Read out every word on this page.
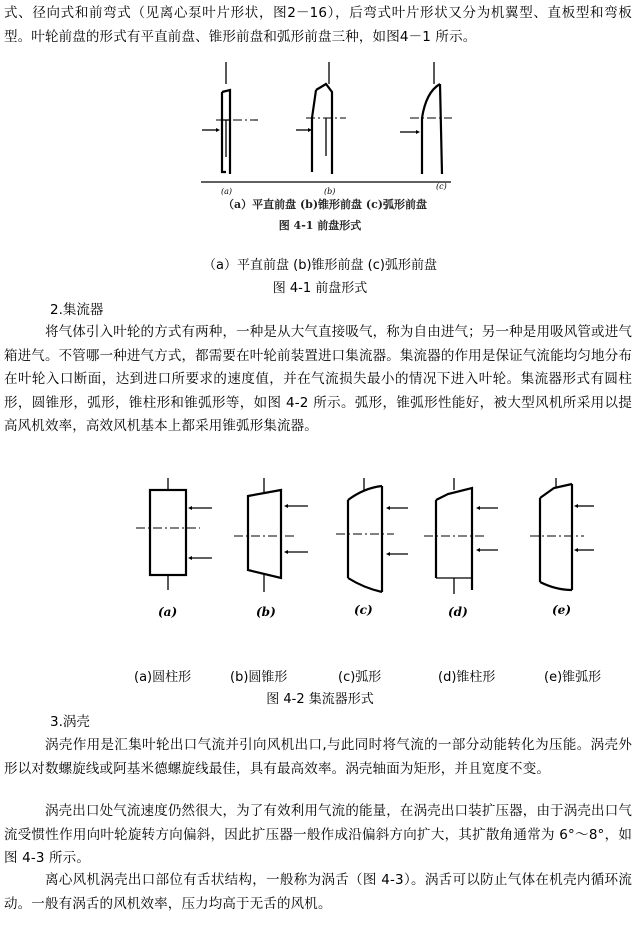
式、径向式和前弯式（见离心泵叶片形状，图2－16），后弯式叶片形状又分为机翼型、直板型和弯板型。叶轮前盘的形式有平直前盘、锥形前盘和弧形前盘三种，如图4－1 所示。

(a)	(b)
(c)

（a）平直前盘 (b)锥形前盘 (c)弧形前盘

图 4-1 前盘形式

（a）平直前盘 (b)锥形前盘 (c)弧形前盘

图 4-1 前盘形式

2.集流器

将气体引入叶轮的方式有两种，一种是从大气直接吸气，称为自由进气；另一种是用吸风管或进气箱进气。不管哪一种进气方式，都需要在叶轮前装置进口集流器。集流器的作用是保证气流能均匀地分布在叶轮入口断面，达到进口所要求的速度值，并在气流损失最小的情况下进入叶轮。集流器形式有圆柱形，圆锥形，弧形，锥柱形和锥弧形等，如图 4-2 所示。弧形，锥弧形性能好，被大型风机所采用以提高风机效率，高效风机基本上都采用锥弧形集流器。

(a)	(b)	(c)	(d)	(e)

(a)圆柱形	(b)圆锥形	(c)弧形	(d)锥柱形	(e)锥弧形

图 4-2 集流器形式

3.涡壳

涡壳作用是汇集叶轮出口气流并引向风机出口,与此同时将气流的一部分动能转化为压能。涡壳外形以对数螺旋线或阿基米德螺旋线最佳，具有最高效率。涡壳轴面为矩形，并且宽度不变。

涡壳出口处气流速度仍然很大，为了有效利用气流的能量，在涡壳出口装扩压器，由于涡壳出口气流受惯性作用向叶轮旋转方向偏斜，因此扩压器一般作成沿偏斜方向扩大，其扩散角通常为 6°～8°，如图 4-3 所示。

离心风机涡壳出口部位有舌状结构，一般称为涡舌（图 4-3）。涡舌可以防止气体在机壳内循环流动。一般有涡舌的风机效率，压力均高于无舌的风机。
